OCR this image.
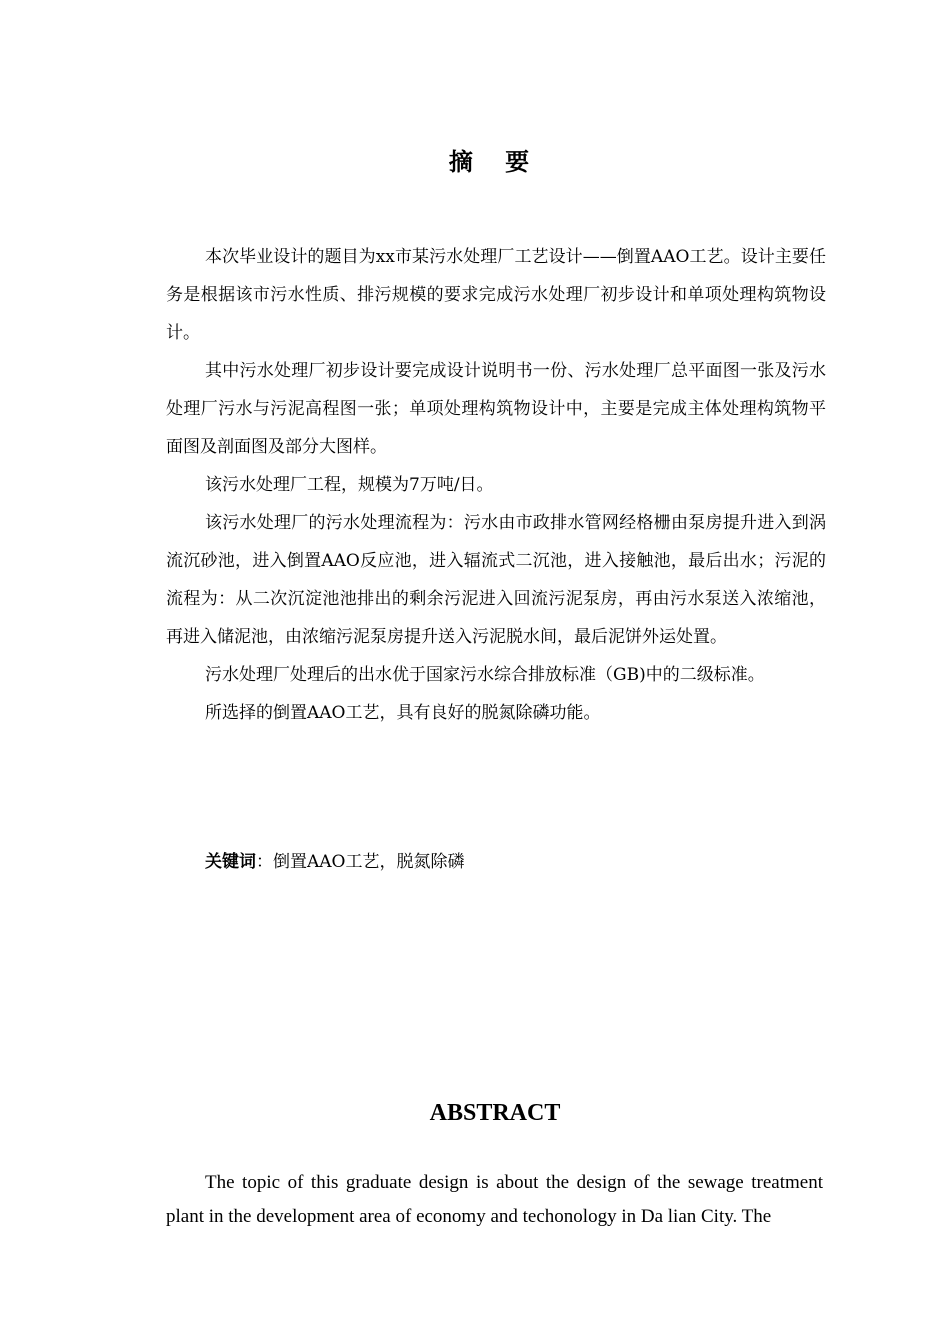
摘 要

本次毕业设计的题目为xx市某污水处理厂工艺设计——倒置AAO工艺。设计主要任务是根据该市污水性质、排污规模的要求完成污水处理厂初步设计和单项处理构筑物设计。

其中污水处理厂初步设计要完成设计说明书一份、污水处理厂总平面图一张及污水处理厂污水与污泥高程图一张；单项处理构筑物设计中，主要是完成主体处理构筑物平面图及剖面图及部分大图样。

该污水处理厂工程，规模为7万吨/日。

该污水处理厂的污水处理流程为：污水由市政排水管网经格栅由泵房提升进入到涡流沉砂池，进入倒置AAO反应池，进入辐流式二沉池，进入接触池，最后出水；污泥的流程为：从二次沉淀池池排出的剩余污泥进入回流污泥泵房，再由污水泵送入浓缩池，再进入储泥池，由浓缩污泥泵房提升送入污泥脱水间，最后泥饼外运处置。

污水处理厂处理后的出水优于国家污水综合排放标准（GB)中的二级标准。

所选择的倒置AAO工艺，具有良好的脱氮除磷功能。

关键词：倒置AAO工艺，脱氮除磷
ABSTRACT

The topic of this graduate design is about the design of the sewage treatment plant in the development area of economy and techonology in Da lian City. The
